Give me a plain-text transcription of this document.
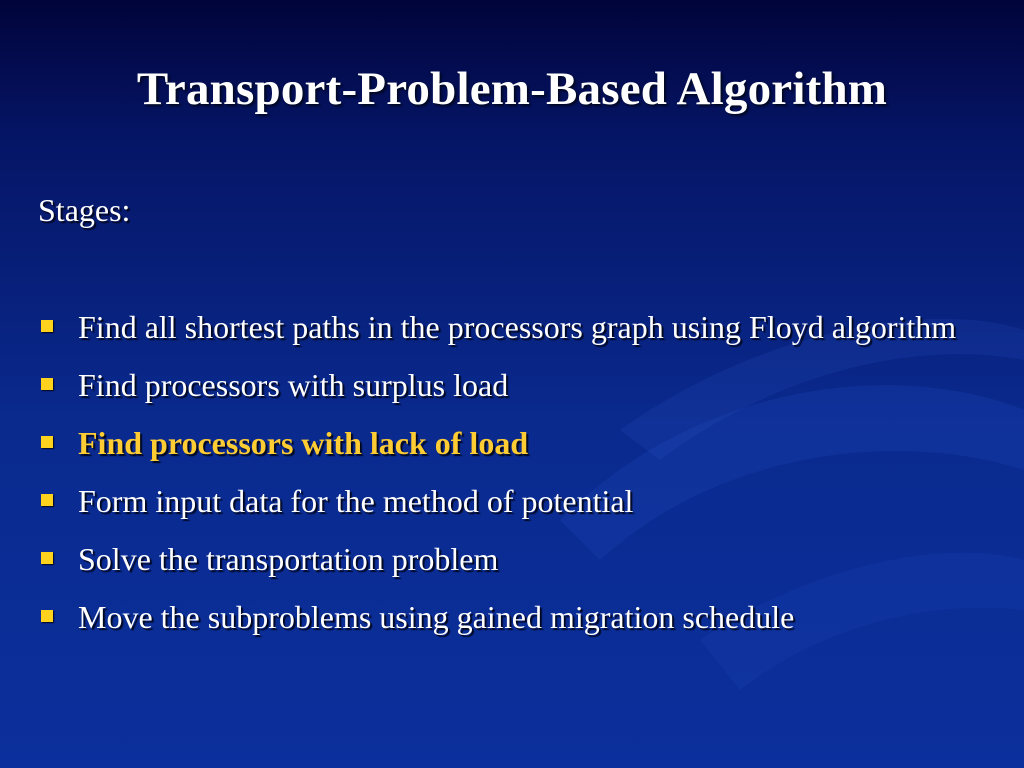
Transport-Problem-Based Algorithm
Stages:
Find all shortest paths in the processors graph using Floyd algorithm
Find processors with surplus load
Find processors with lack of load
Form input data for the method of potential
Solve the transportation problem
Move the subproblems using gained migration schedule
